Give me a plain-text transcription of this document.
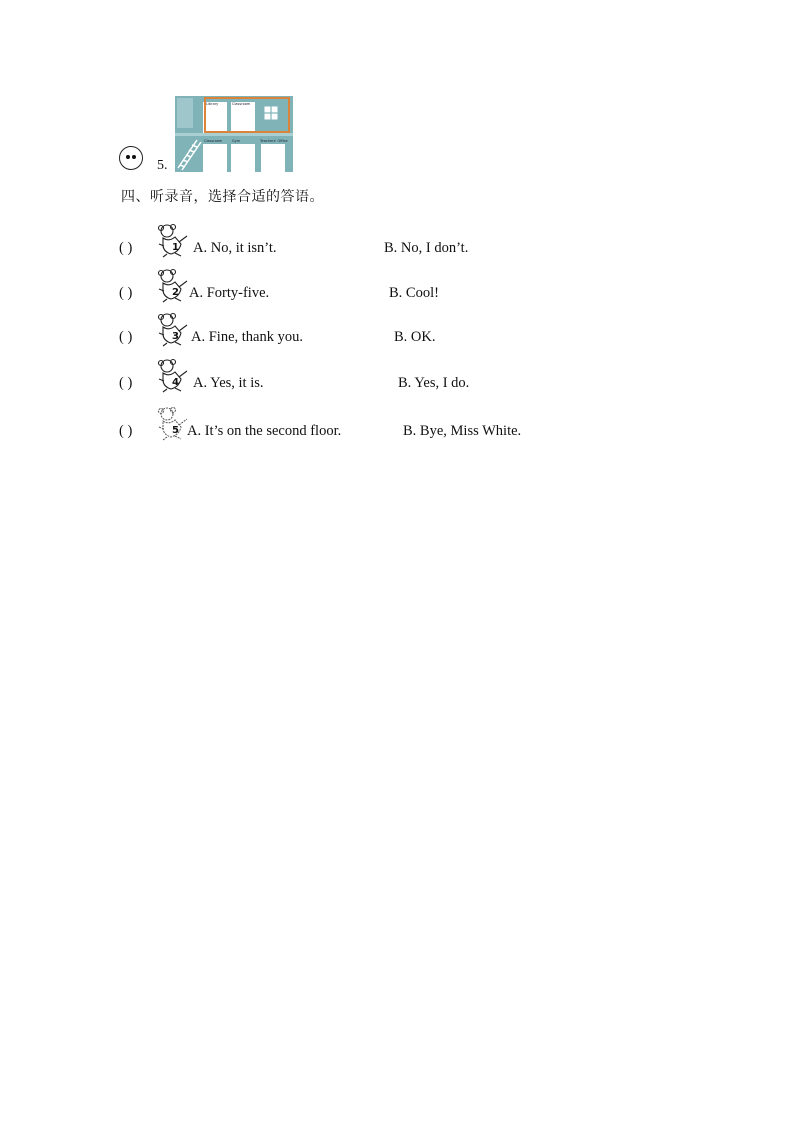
5.
Library	Classroom
Classroom	Gym	Teachers' Office
四、听录音，选择合适的答语。
( )	1 A. No, it isn’t.	B. No, I don’t.
( )	2 A. Forty-five.	B. Cool!
( )	3 A. Fine, thank you.	B. OK.
( )	4 A. Yes, it is.	B. Yes, I do.
( )	5 A. It’s on the second floor.	B. Bye, Miss White.
